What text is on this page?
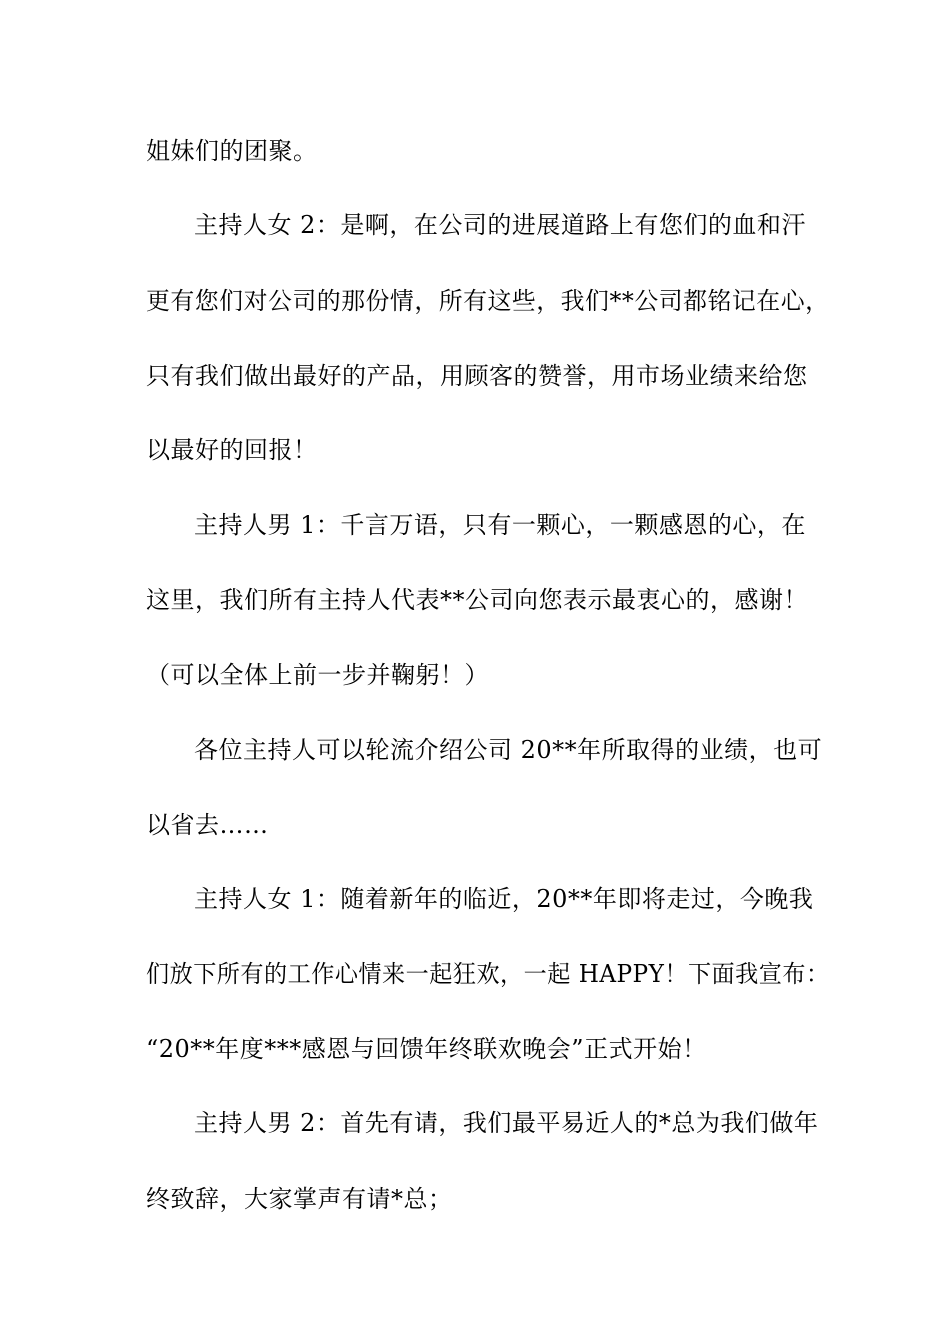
姐妹们的团聚。
主持人女 2：是啊，在公司的进展道路上有您们的血和汗
更有您们对公司的那份情，所有这些，我们**公司都铭记在心，
只有我们做出最好的产品，用顾客的赞誉，用市场业绩来给您
以最好的回报！
主持人男 1：千言万语，只有一颗心，一颗感恩的心，在
这里，我们所有主持人代表**公司向您表示最衷心的，感谢！
（可以全体上前一步并鞠躬！）
各位主持人可以轮流介绍公司 20**年所取得的业绩，也可
以省去……
主持人女 1：随着新年的临近，20**年即将走过，今晚我
们放下所有的工作心情来一起狂欢，一起 HAPPY！下面我宣布：
“20**年度***感恩与回馈年终联欢晚会”正式开始！
主持人男 2：首先有请，我们最平易近人的*总为我们做年
终致辞，大家掌声有请*总；
